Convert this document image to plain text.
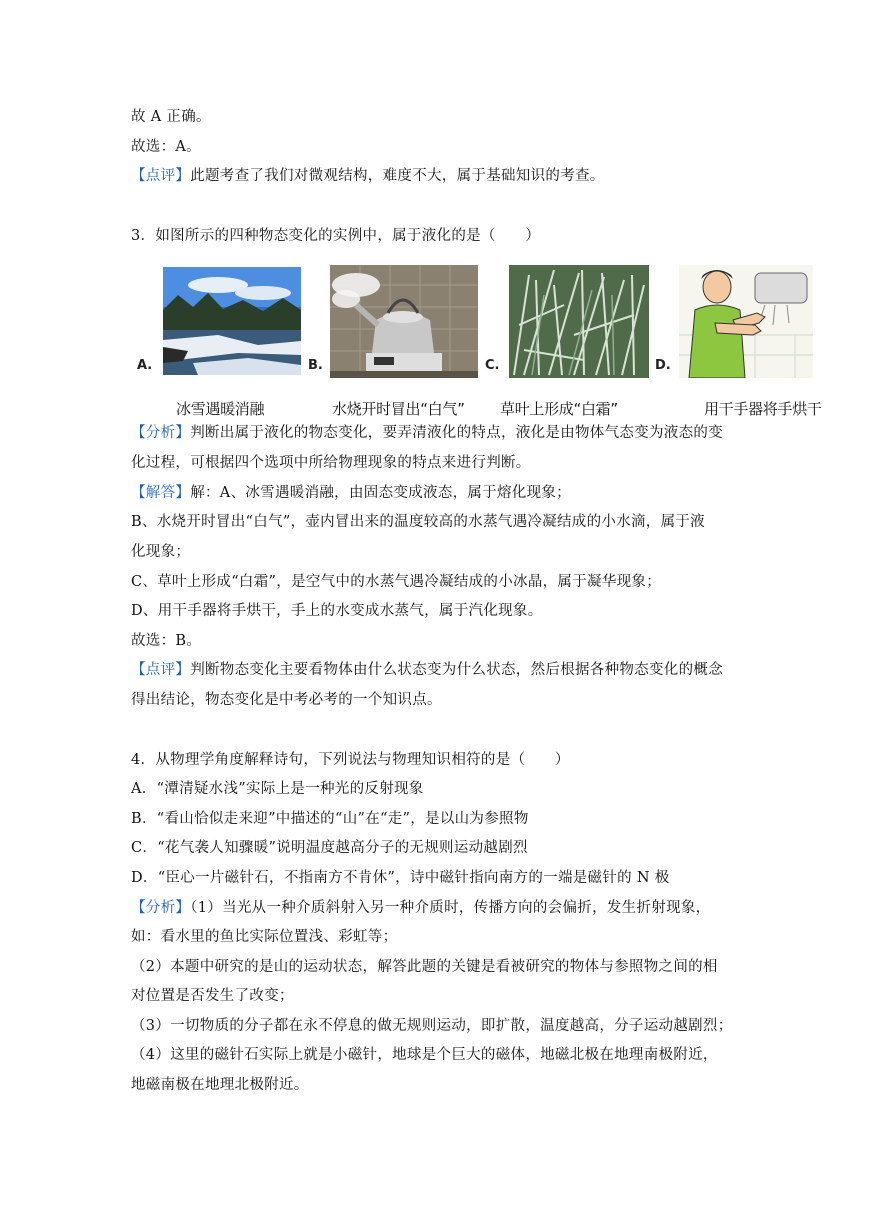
故 A 正确。
故选：A。
【点评】此题考查了我们对微观结构，难度不大，属于基础知识的考查。
3．如图所示的四种物态变化的实例中，属于液化的是（　　）
A.	B.	C.	D.
冰雪遇暖消融	水烧开时冒出“白气” 草叶上形成“白霜”	用干手器将手烘干
【分析】判断出属于液化的物态变化，要弄清液化的特点，液化是由物体气态变为液态的变
化过程，可根据四个选项中所给物理现象的特点来进行判断。
【解答】解：A、冰雪遇暖消融，由固态变成液态，属于熔化现象；
B、水烧开时冒出“白气”，壶内冒出来的温度较高的水蒸气遇冷凝结成的小水滴，属于液
化现象；
C、草叶上形成“白霜”，是空气中的水蒸气遇冷凝结成的小冰晶，属于凝华现象；
D、用干手器将手烘干，手上的水变成水蒸气，属于汽化现象。
故选：B。
【点评】判断物态变化主要看物体由什么状态变为什么状态，然后根据各种物态变化的概念
得出结论，物态变化是中考必考的一个知识点。
4．从物理学角度解释诗句，下列说法与物理知识相符的是（　　）
A．“潭清疑水浅”实际上是一种光的反射现象
B．“看山恰似走来迎”中描述的“山”在“走”，是以山为参照物
C．“花气袭人知骤暖”说明温度越高分子的无规则运动越剧烈
D．“臣心一片磁针石，不指南方不肯休”，诗中磁针指向南方的一端是磁针的 N 极
【分析】（1）当光从一种介质斜射入另一种介质时，传播方向的会偏折，发生折射现象，
如：看水里的鱼比实际位置浅、彩虹等；
（2）本题中研究的是山的运动状态，解答此题的关键是看被研究的物体与参照物之间的相
对位置是否发生了改变；
（3）一切物质的分子都在永不停息的做无规则运动，即扩散，温度越高，分子运动越剧烈；
（4）这里的磁针石实际上就是小磁针，地球是个巨大的磁体，地磁北极在地理南极附近，
地磁南极在地理北极附近。
